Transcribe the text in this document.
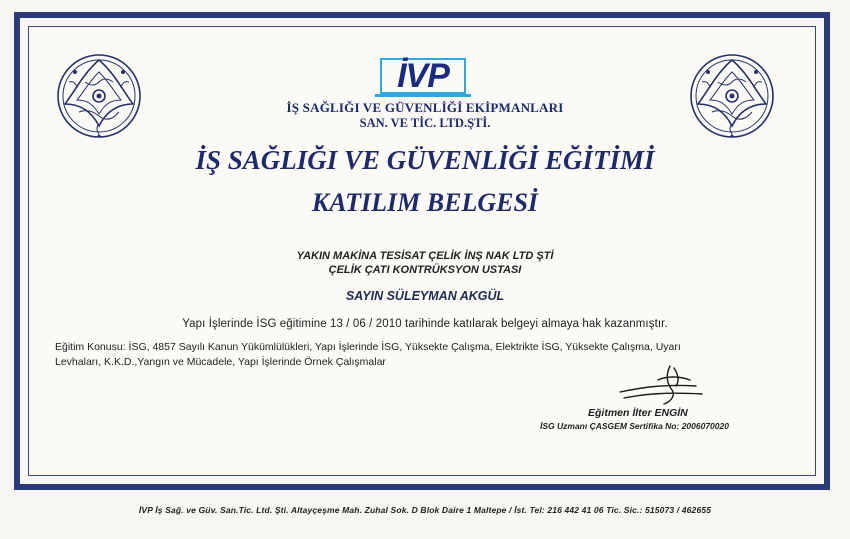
İVP
İŞ SAĞLIĞI VE GÜVENLİĞİ EKİPMANLARI
SAN. VE TİC. LTD.ŞTİ.
İŞ SAĞLIĞI VE GÜVENLİĞİ EĞİTİMİ
KATILIM BELGESİ
YAKIN MAKİNA TESİSAT ÇELİK İNŞ NAK LTD ŞTİ
ÇELİK ÇATI KONTRÜKSYON USTASI
SAYIN SÜLEYMAN AKGÜL
Yapı İşlerinde İSG eğitimine 13 / 06 / 2010 tarihinde katılarak belgeyi almaya hak kazanmıştır.
Eğitim Konusu: İSG, 4857 Sayılı Kanun Yükümlülükleri, Yapı İşlerinde İSG, Yüksekte Çalışma, Elektrikte İSG, Yüksekte Çalışma, Uyarı
Levhaları, K.K.D.,Yangın ve Mücadele, Yapı İşlerinde Örnek Çalışmalar
Eğitmen İlter ENGİN
İSG Uzmanı ÇASGEM Sertifika No: 2006070020
İVP İş Sağ. ve Güv. San.Tic. Ltd. Şti. Altayçeşme Mah. Zuhal Sok. D Blok Daire 1 Maltepe / İst. Tel: 216 442 41 06 Tic. Sic.: 515073 / 462655
